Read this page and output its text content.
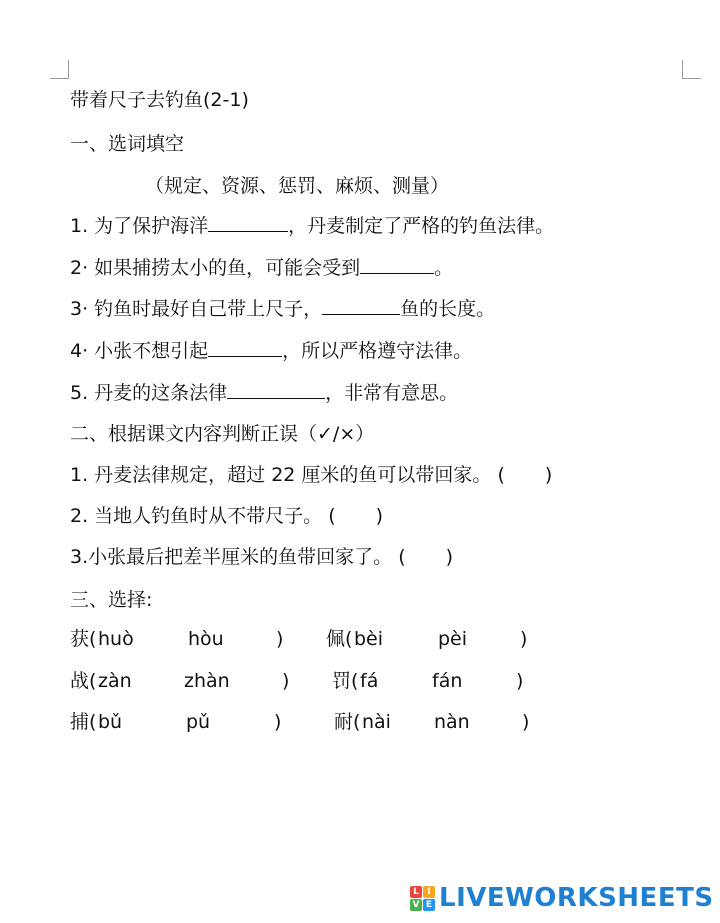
带着尺子去钓鱼(2-1)
一、选词填空
（规定、资源、惩罚、麻烦、测量）
1. 为了保护海洋	，丹麦制定了严格的钓鱼法律。
2· 如果捕捞太小的鱼，可能会受到	。
3· 钓鱼时最好自己带上尺子，	鱼的长度。
4· 小张不想引起	，所以严格遵守法律。
5. 丹麦的这条法律	，非常有意思。
二、根据课文内容判断正误（✓/×）
1. 丹麦法律规定，超过 22 厘米的鱼可以带回家。 ( )
2. 当地人钓鱼时从不带尺子。 ( )
3.小张最后把差半厘米的鱼带回家了。 ( )
三、选择:
获( huò	hòu	) 佩( bèi	pèi	)
战( zàn	zhàn	) 罚( fá	fán	)
捕( bǔ	pǔ	)	耐( nài nàn	)
L I
V E LIVEWORKSHEETS
